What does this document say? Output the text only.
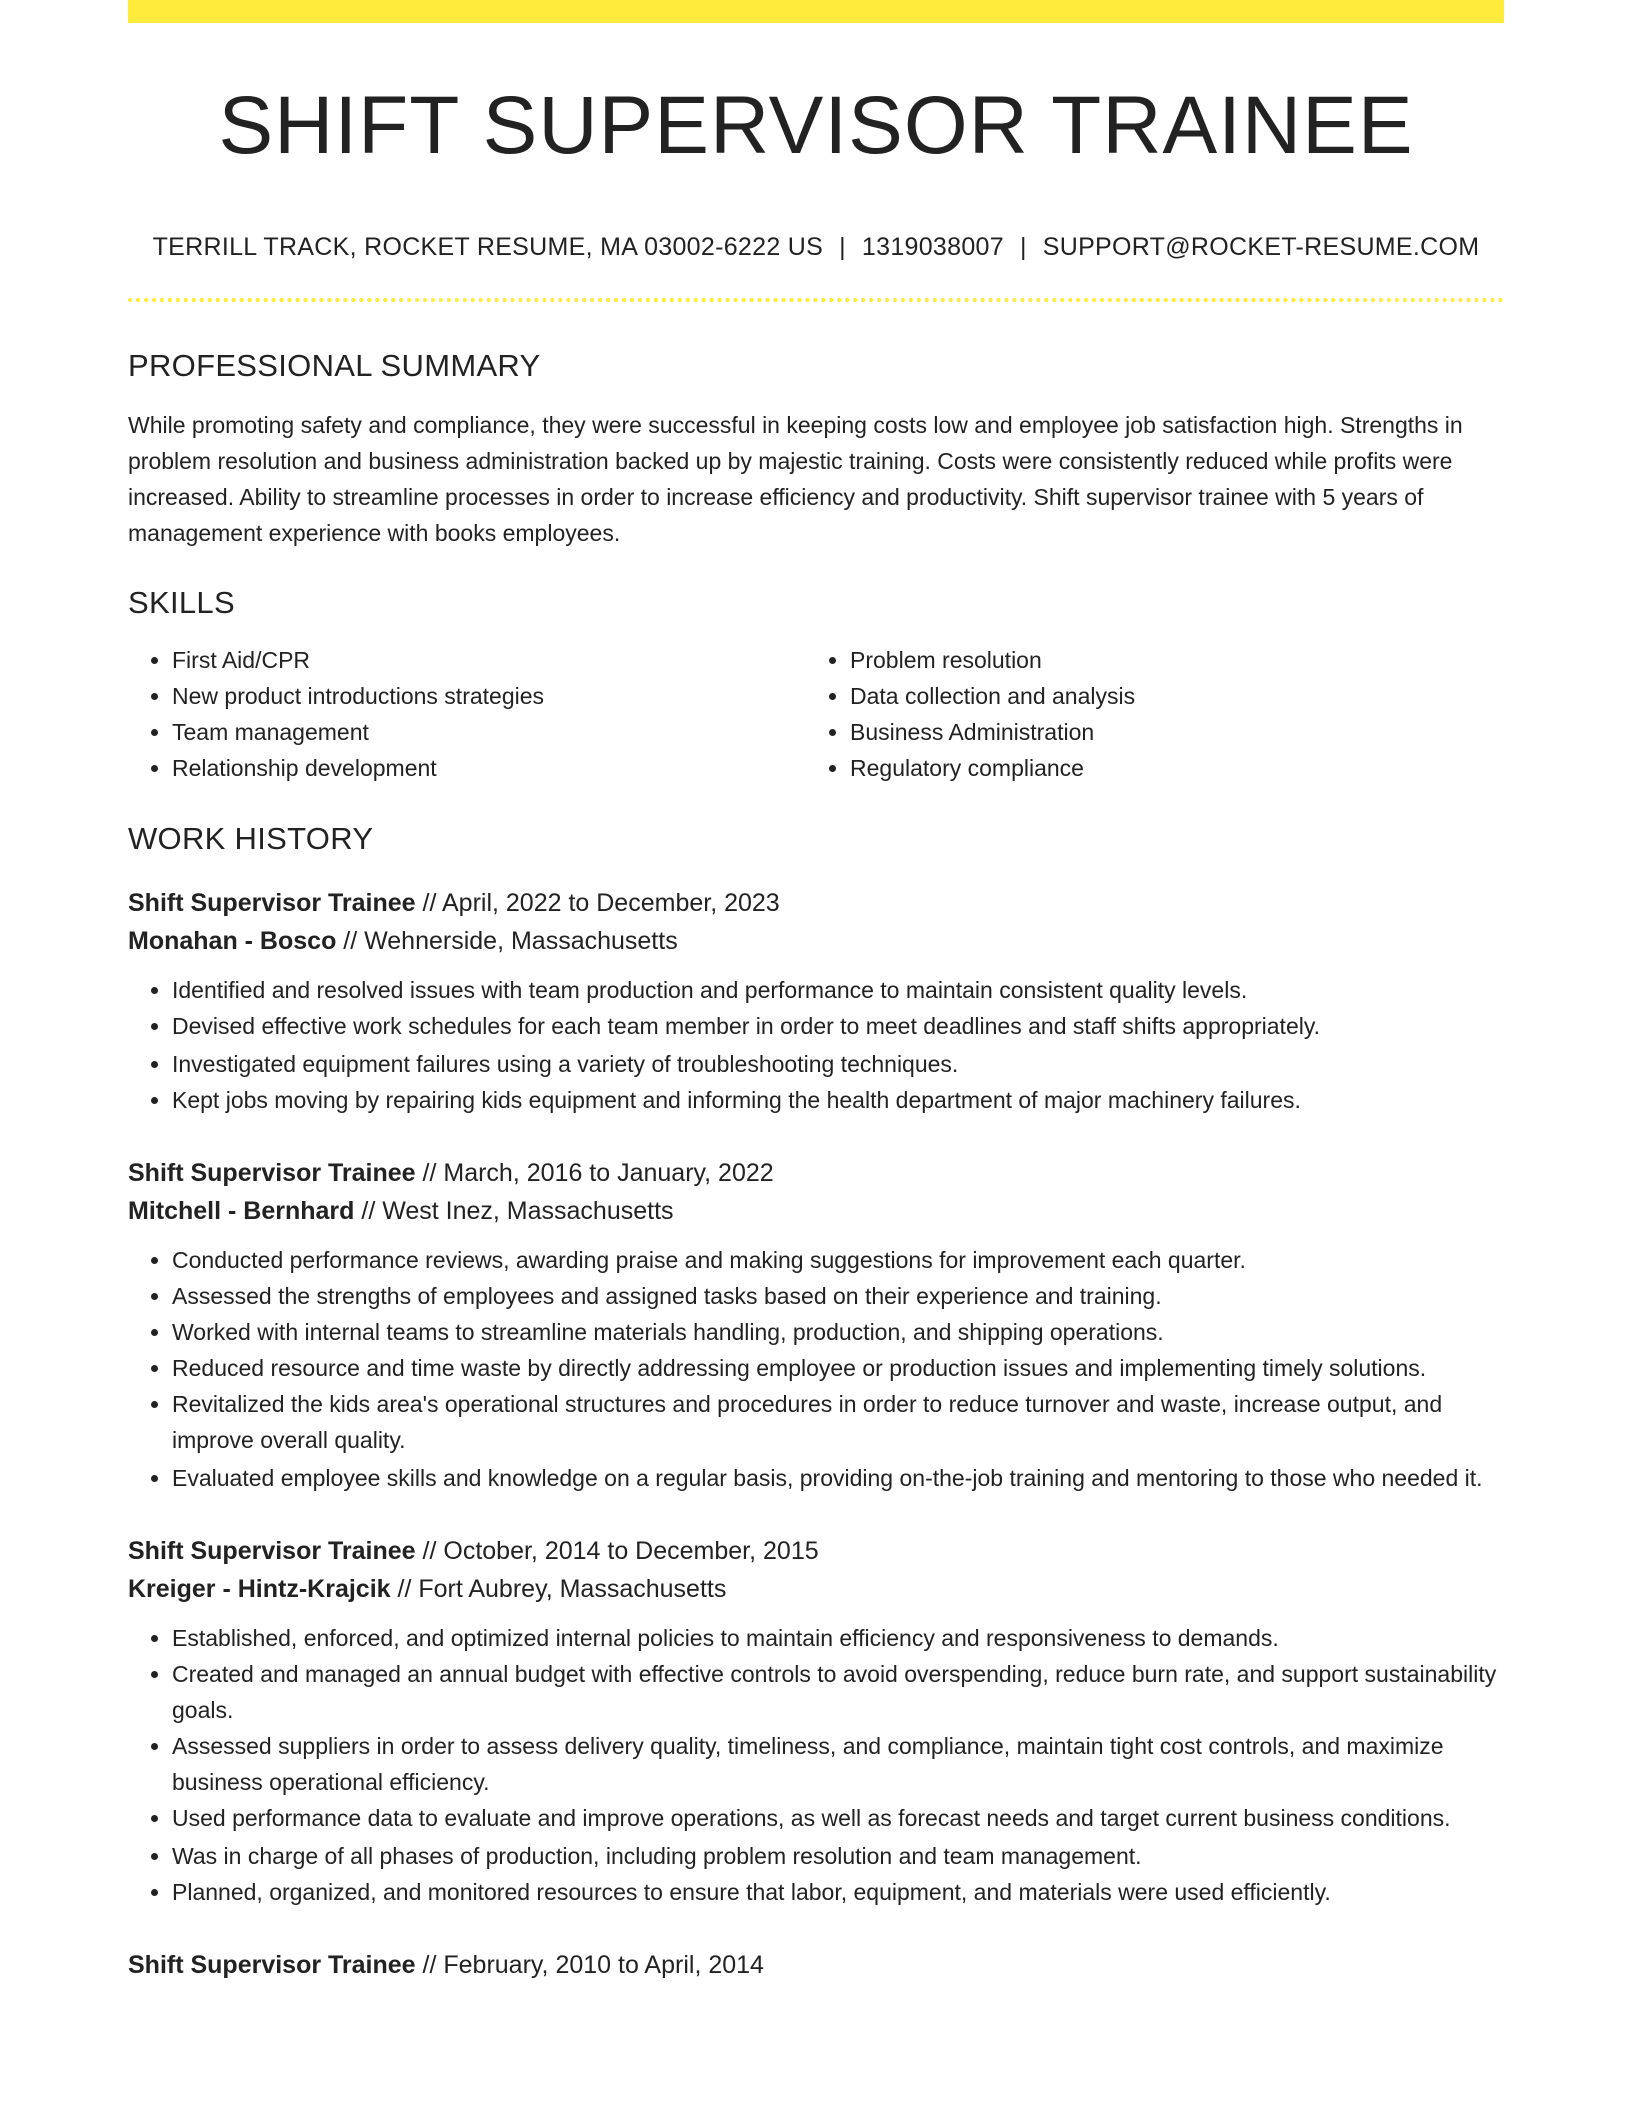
SHIFT SUPERVISOR TRAINEE
TERRILL TRACK, ROCKET RESUME, MA 03002-6222 US | 1319038007 | SUPPORT@ROCKET-RESUME.COM
PROFESSIONAL SUMMARY

While promoting safety and compliance, they were successful in keeping costs low and employee job satisfaction high. Strengths in problem resolution and business administration backed up by majestic training. Costs were consistently reduced while profits were increased. Ability to streamline processes in order to increase efficiency and productivity. Shift supervisor trainee with 5 years of management experience with books employees.

SKILLS
• First Aid/CPR
• New product introductions strategies
• Team management
• Relationship development
• Problem resolution
• Data collection and analysis
• Business Administration
• Regulatory compliance
WORK HISTORY
Shift Supervisor Trainee // April, 2022 to December, 2023
Monahan - Bosco // Wehnerside, Massachusetts
• Identified and resolved issues with team production and performance to maintain consistent quality levels.
• Devised effective work schedules for each team member in order to meet deadlines and staff shifts appropriately.
• Investigated equipment failures using a variety of troubleshooting techniques.
• Kept jobs moving by repairing kids equipment and informing the health department of major machinery failures.
Shift Supervisor Trainee // March, 2016 to January, 2022
Mitchell - Bernhard // West Inez, Massachusetts
• Conducted performance reviews, awarding praise and making suggestions for improvement each quarter.
• Assessed the strengths of employees and assigned tasks based on their experience and training.
• Worked with internal teams to streamline materials handling, production, and shipping operations.
• Reduced resource and time waste by directly addressing employee or production issues and implementing timely solutions.
• Revitalized the kids area's operational structures and procedures in order to reduce turnover and waste, increase output, and improve overall quality.
• Evaluated employee skills and knowledge on a regular basis, providing on-the-job training and mentoring to those who needed it.
Shift Supervisor Trainee // October, 2014 to December, 2015
Kreiger - Hintz-Krajcik // Fort Aubrey, Massachusetts
• Established, enforced, and optimized internal policies to maintain efficiency and responsiveness to demands.
• Created and managed an annual budget with effective controls to avoid overspending, reduce burn rate, and support sustainability goals.
• Assessed suppliers in order to assess delivery quality, timeliness, and compliance, maintain tight cost controls, and maximize business operational efficiency.
• Used performance data to evaluate and improve operations, as well as forecast needs and target current business conditions.
• Was in charge of all phases of production, including problem resolution and team management.
• Planned, organized, and monitored resources to ensure that labor, equipment, and materials were used efficiently.
Shift Supervisor Trainee // February, 2010 to April, 2014
